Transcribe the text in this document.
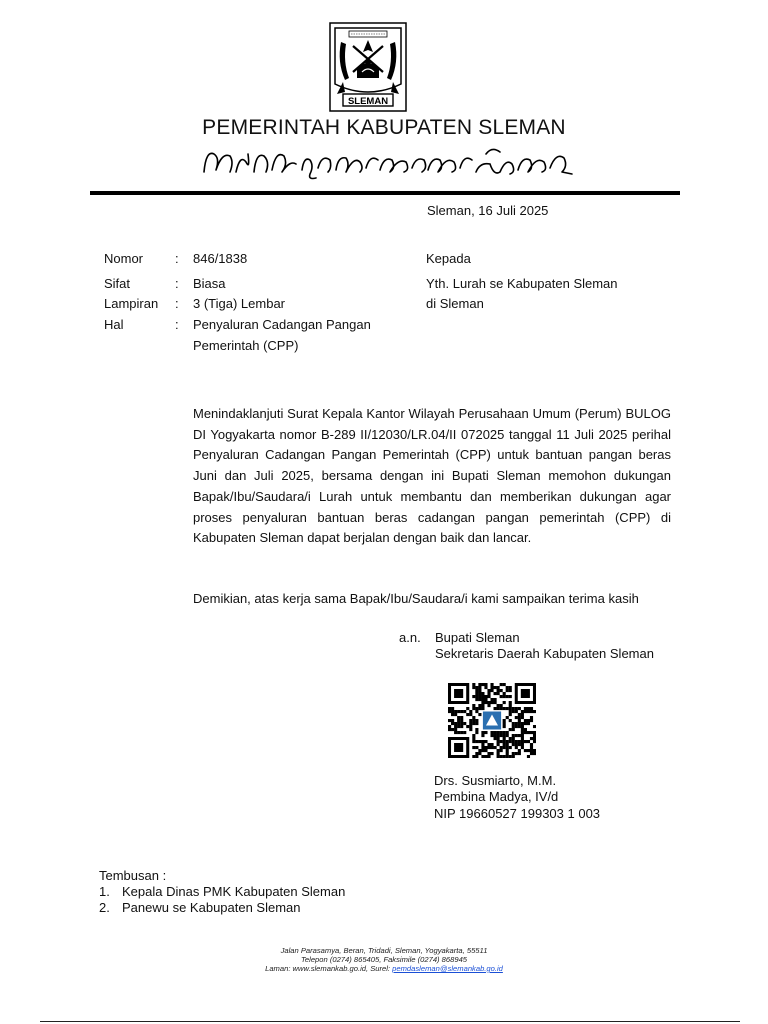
SLEMAN
PEMERINTAH KABUPATEN SLEMAN
Sleman, 16 Juli 2025
Nomor : 846/1838
Sifat	: Biasa
Lampiran : 3 (Tiga) Lembar
Hal	: Penyaluran Cadangan Pangan
Pemerintah (CPP)
Kepada
Yth. Lurah se Kabupaten Sleman
di Sleman
Menindaklanjuti Surat Kepala Kantor Wilayah Perusahaan Umum (Perum) BULOG DI Yogyakarta nomor B-289 II/12030/LR.04/II 072025 tanggal 11 Juli 2025 perihal Penyaluran Cadangan Pangan Pemerintah (CPP) untuk bantuan pangan beras Juni dan Juli 2025, bersama dengan ini Bupati Sleman memohon dukungan Bapak/Ibu/Saudara/i Lurah untuk membantu dan memberikan dukungan agar proses penyaluran bantuan beras cadangan pangan pemerintah (CPP) di Kabupaten Sleman dapat berjalan dengan baik dan lancar.
Demikian, atas kerja sama Bapak/Ibu/Saudara/i kami sampaikan terima kasih
a.n. Bupati Sleman
Sekretaris Daerah Kabupaten Sleman
Drs. Susmiarto, M.M.
Pembina Madya, IV/d
NIP 19660527 199303 1 003
Tembusan :
1. Kepala Dinas PMK Kabupaten Sleman
2. Panewu se Kabupaten Sleman
Jalan Parasamya, Beran, Tridadi, Sleman, Yogyakarta, 55511
Telepon (0274) 865405, Faksimile (0274) 868945
Laman: www.slemankab.go.id, Surel: pemdasleman@slemankab.go.id
